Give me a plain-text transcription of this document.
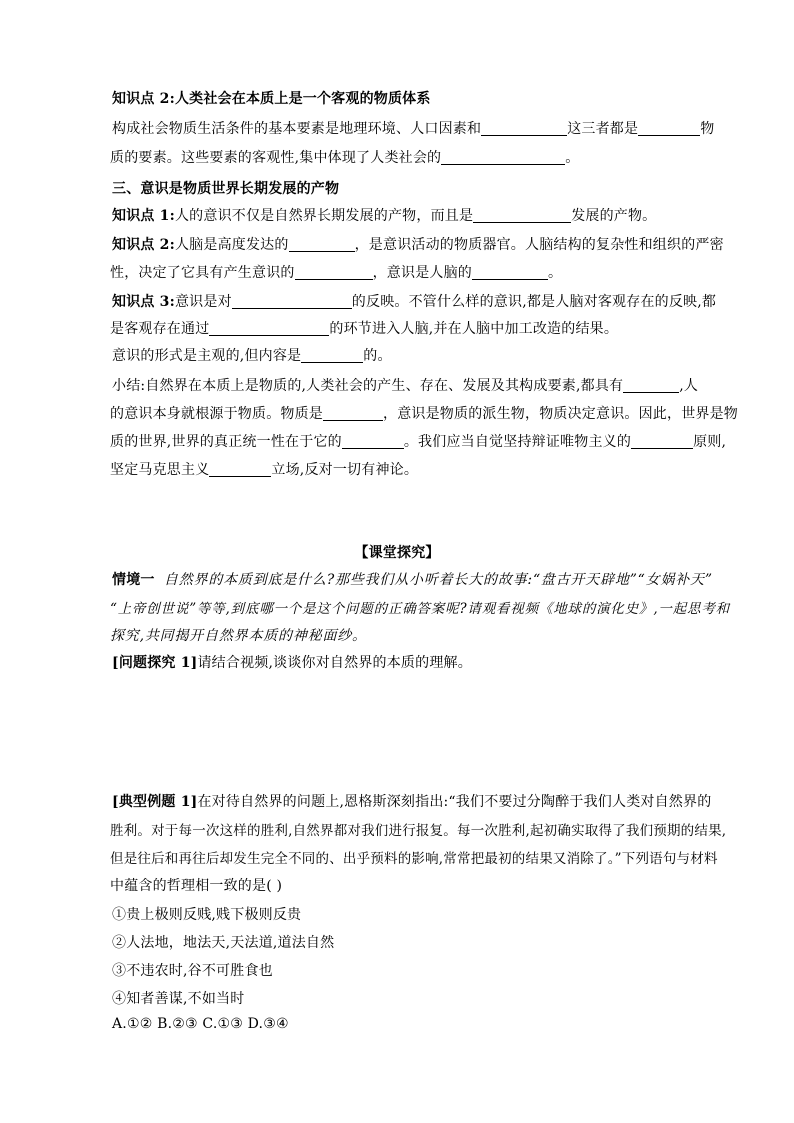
知识点 2:人类社会在本质上是一个客观的物质体系
构成社会物质生活条件的基本要素是地理环境、人口因素和	这三者都是	物
质的要素。这些要素的客观性,集中体现了人类社会的	。
三、意识是物质世界长期发展的产物
知识点 1:人的意识不仅是自然界长期发展的产物，而且是	发展的产物。
知识点 2:人脑是高度发达的	，是意识活动的物质器官。人脑结构的复杂性和组织的严密
性，决定了它具有产生意识的	，意识是人脑的	。
知识点 3:意识是对	的反映。不管什么样的意识,都是人脑对客观存在的反映,都
是客观存在通过	的环节进入人脑,并在人脑中加工改造的结果。
意识的形式是主观的,但内容是	的。
小结:自然界在本质上是物质的,人类社会的产生、存在、发展及其构成要素,都具有	,人
的意识本身就根源于物质。物质是	，意识是物质的派生物，物质决定意识。因此，世界是物
质的世界,世界的真正统一性在于它的	。我们应当自觉坚持辩证唯物主义的	原则,
坚定马克思主义	立场,反对一切有神论。
【课堂探究】
情境一 自然界的本质到底是什么?那些我们从小听着长大的故事:“盘古开天辟地”“女娲补天”
“上帝创世说”等等,到底哪一个是这个问题的正确答案呢?请观看视频《地球的演化史》,一起思考和
探究,共同揭开自然界本质的神秘面纱。
[问题探究 1]请结合视频,谈谈你对自然界的本质的理解。
[典型例题 1]在对待自然界的问题上,恩格斯深刻指出:“我们不要过分陶醉于我们人类对自然界的
胜利。对于每一次这样的胜利,自然界都对我们进行报复。每一次胜利,起初确实取得了我们预期的结果,
但是往后和再往后却发生完全不同的、出乎预料的影响,常常把最初的结果又消除了。”下列语句与材料
中蕴含的哲理相一致的是( )
①贵上极则反贱,贱下极则反贵
②人法地，地法天,天法道,道法自然
③不违农时,谷不可胜食也
④知者善谋,不如当时
A.①② B.②③ C.①③ D.③④
